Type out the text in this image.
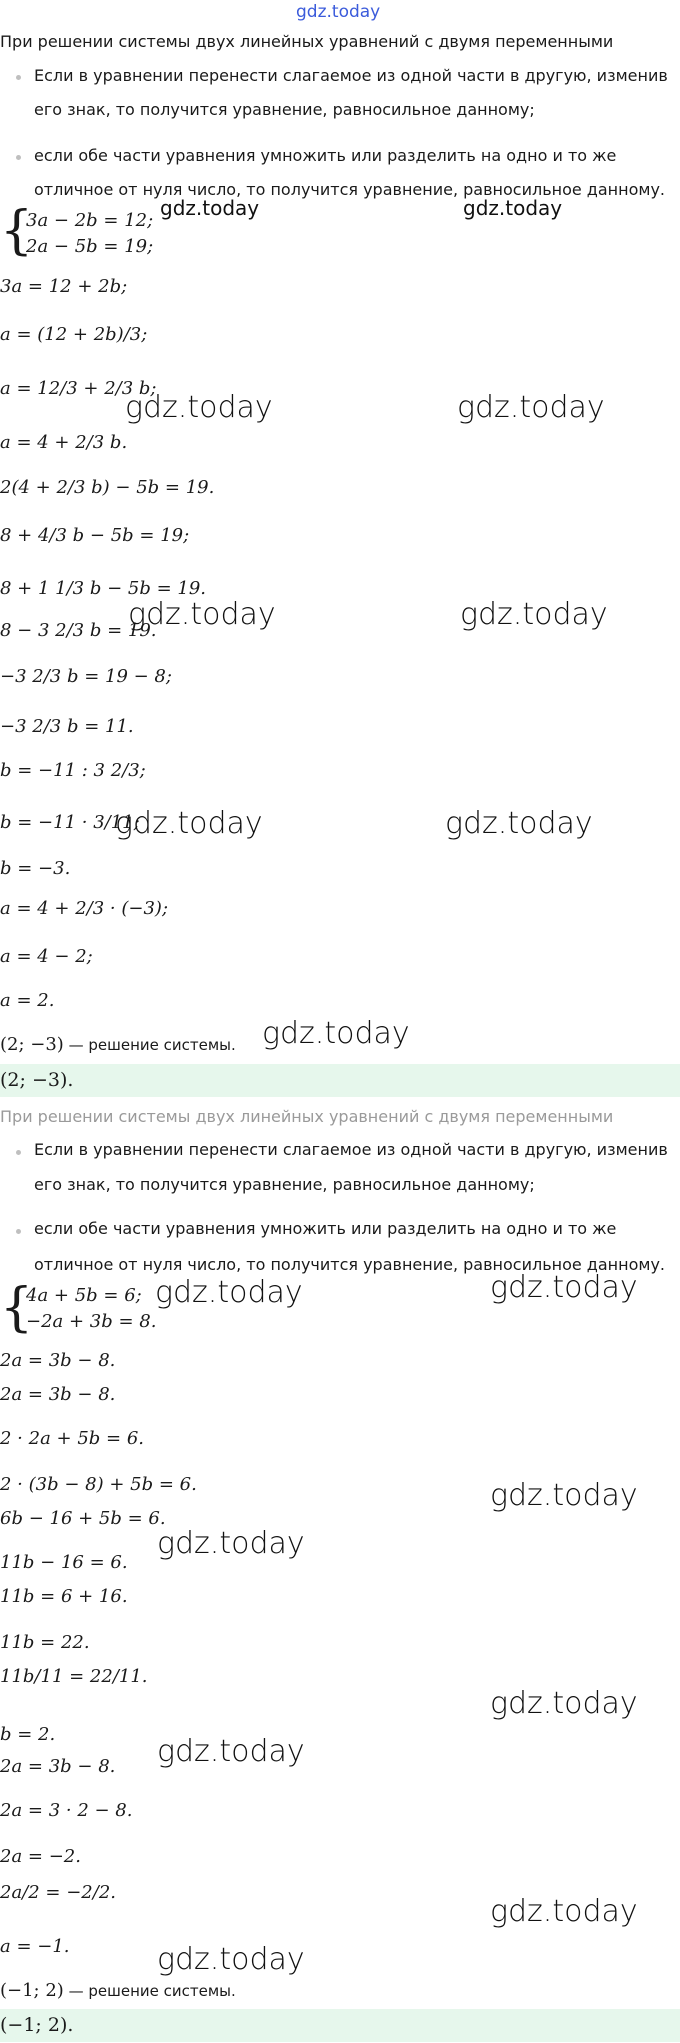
gdz.today
При решении системы двух линейных уравнений с двумя переменными
Если в уравнении перенести слагаемое из одной части в другую, изменив
его знак, то получится уравнение, равносильное данному;
если обе части уравнения умножить или разделить на одно и то же
отличное от нуля число, то получится уравнение, равносильное данному.
gdz.today	gdz.today
{
3a − 2b = 12;
2a − 5b = 19;
3a = 12 + 2b;
a = (12 + 2b)/3;
a = 12/3 + 2/3 b;
a = 4 + 2/3 b.
2(4 + 2/3 b) − 5b = 19.
8 + 4/3 b − 5b = 19;
8 + 1 1/3 b − 5b = 19.
8 − 3 2/3 b = 19.
−3 2/3 b = 19 − 8;
−3 2/3 b = 11.
b = −11 : 3 2/3;
b = −11 · 3/11;
b = −3.
a = 4 + 2/3 · (−3);
a = 4 − 2;
a = 2.
gdz.today	gdz.today
gdz.today	gdz.today
gdz.today	gdz.today
gdz.today
(2; −3) — решение системы.
(2; −3).
При решении системы двух линейных уравнений с двумя переменными
Если в уравнении перенести слагаемое из одной части в другую, изменив
его знак, то получится уравнение, равносильное данному;
если обе части уравнения умножить или разделить на одно и то же
отличное от нуля число, то получится уравнение, равносильное данному.
{
4a + 5b = 6;
−2a + 3b = 8.
gdz.today	gdz.today
2a = 3b − 8.
2a = 3b − 8.
2 · 2a + 5b = 6.
2 · (3b − 8) + 5b = 6.
6b − 16 + 5b = 6.
11b − 16 = 6.
11b = 6 + 16.
11b = 22.
11b/11 = 22/11.
b = 2.
2a = 3b − 8.
2a = 3 · 2 − 8.
2a = −2.
2a/2 = −2/2.
a = −1.
gdz.today
gdz.today
gdz.today
gdz.today
gdz.today
gdz.today
(−1; 2) — решение системы.
(−1; 2).
